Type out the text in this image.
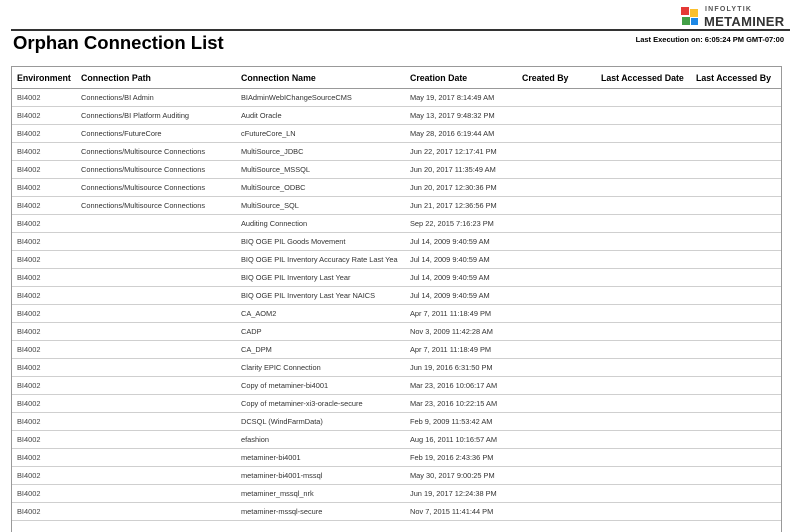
INFOLYTIK
METAMINER
Orphan Connection List	Last Execution on: 6:05:24 PM GMT-07:00
Environment	Connection Path	Connection Name	Creation Date	Created By	Last Accessed Date	Last Accessed By
BI4002	Connections/BI Admin	BIAdminWebIChangeSourceCMS	May 19, 2017 8:14:49 AM			
BI4002	Connections/BI Platform Auditing	Audit Oracle	May 13, 2017 9:48:32 PM			
BI4002	Connections/FutureCore	cFutureCore_LN	May 28, 2016 6:19:44 AM			
BI4002	Connections/Multisource Connections	MultiSource_JDBC	Jun 22, 2017 12:17:41 PM			
BI4002	Connections/Multisource Connections	MultiSource_MSSQL	Jun 20, 2017 11:35:49 AM			
BI4002	Connections/Multisource Connections	MultiSource_ODBC	Jun 20, 2017 12:30:36 PM			
BI4002	Connections/Multisource Connections	MultiSource_SQL	Jun 21, 2017 12:36:56 PM			
BI4002		Auditing Connection	Sep 22, 2015 7:16:23 PM			
BI4002		BIQ OGE PIL Goods Movement	Jul 14, 2009 9:40:59 AM			
BI4002		BIQ OGE PIL Inventory Accuracy Rate Last Yea	Jul 14, 2009 9:40:59 AM			
BI4002		BIQ OGE PIL Inventory Last Year	Jul 14, 2009 9:40:59 AM			
BI4002		BIQ OGE PIL Inventory Last Year NAICS	Jul 14, 2009 9:40:59 AM			
BI4002		CA_AOM2	Apr 7, 2011 11:18:49 PM			
BI4002		CADP	Nov 3, 2009 11:42:28 AM			
BI4002		CA_DPM	Apr 7, 2011 11:18:49 PM			
BI4002		Clarity EPIC Connection	Jun 19, 2016 6:31:50 PM			
BI4002		Copy of metaminer-bi4001	Mar 23, 2016 10:06:17 AM			
BI4002		Copy of metaminer-xi3-oracle-secure	Mar 23, 2016 10:22:15 AM			
BI4002		DCSQL (WindFarmData)	Feb 9, 2009 11:53:42 AM			
BI4002		efashion	Aug 16, 2011 10:16:57 AM			
BI4002		metaminer-bi4001	Feb 19, 2016 2:43:36 PM			
BI4002		metaminer-bi4001-mssql	May 30, 2017 9:00:25 PM			
BI4002		metaminer_mssql_nrk	Jun 19, 2017 12:24:38 PM			
BI4002		metaminer-mssql-secure	Nov 7, 2015 11:41:44 PM			
